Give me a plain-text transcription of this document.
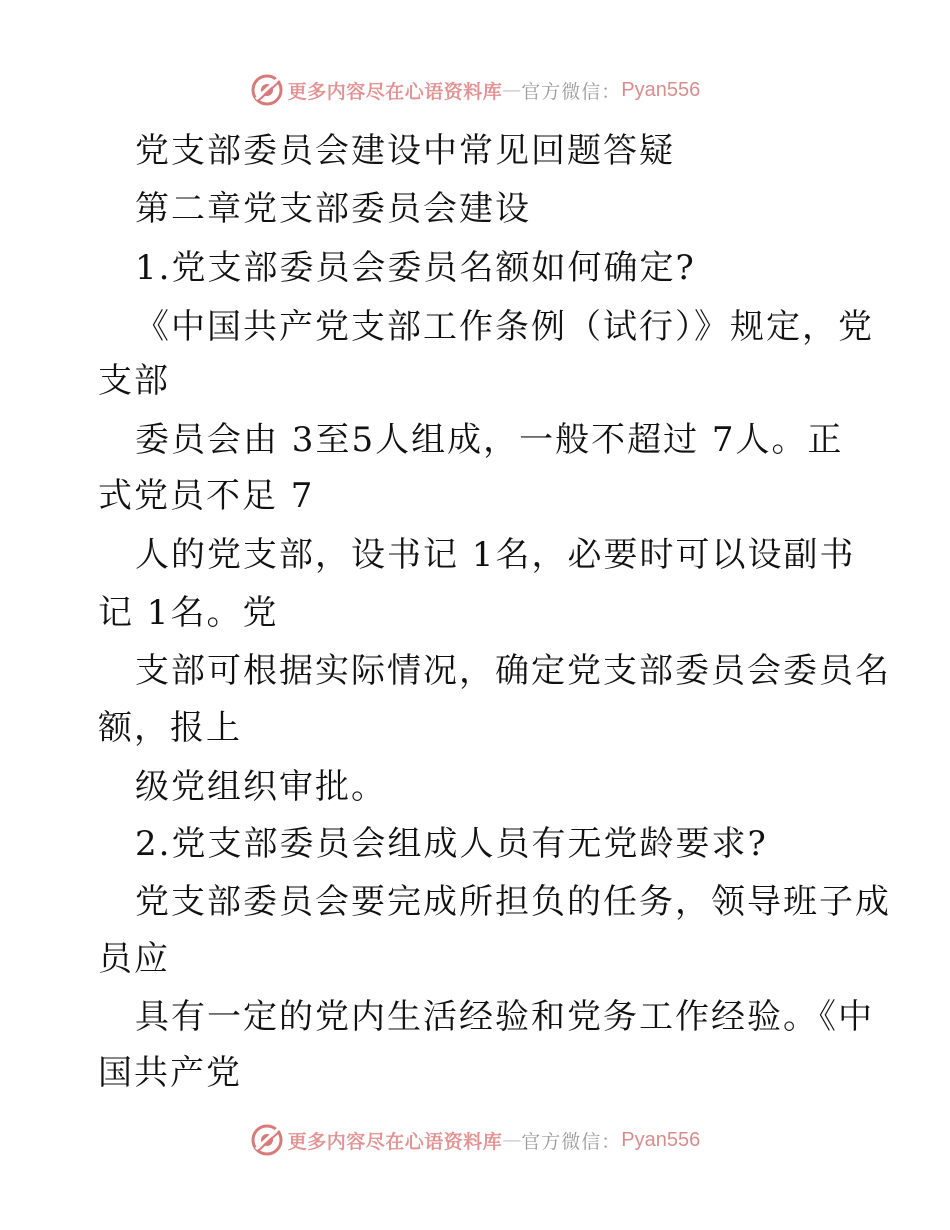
更多内容尽在心语资料库 — 官方微信： Pyan556
党支部委员会建设中常见回题答疑
第二章党支部委员会建设
1.党支部委员会委员名额如何确定?
《中国共产党支部工作条例（试行）》规定，党
支部
委员会由 3至5人组成，一般不超过 7人。正
式党员不足 7
人的党支部，设书记 1名，必要时可以设副书
记 1名。党
支部可根据实际情况，确定党支部委员会委员名
额，报上
级党组织审批。
2.党支部委员会组成人员有无党龄要求?
党支部委员会要完成所担负的任务，领导班子成
员应
具有一定的党内生活经验和党务工作经验。《中
国共产党
更多内容尽在心语资料库 — 官方微信： Pyan556
